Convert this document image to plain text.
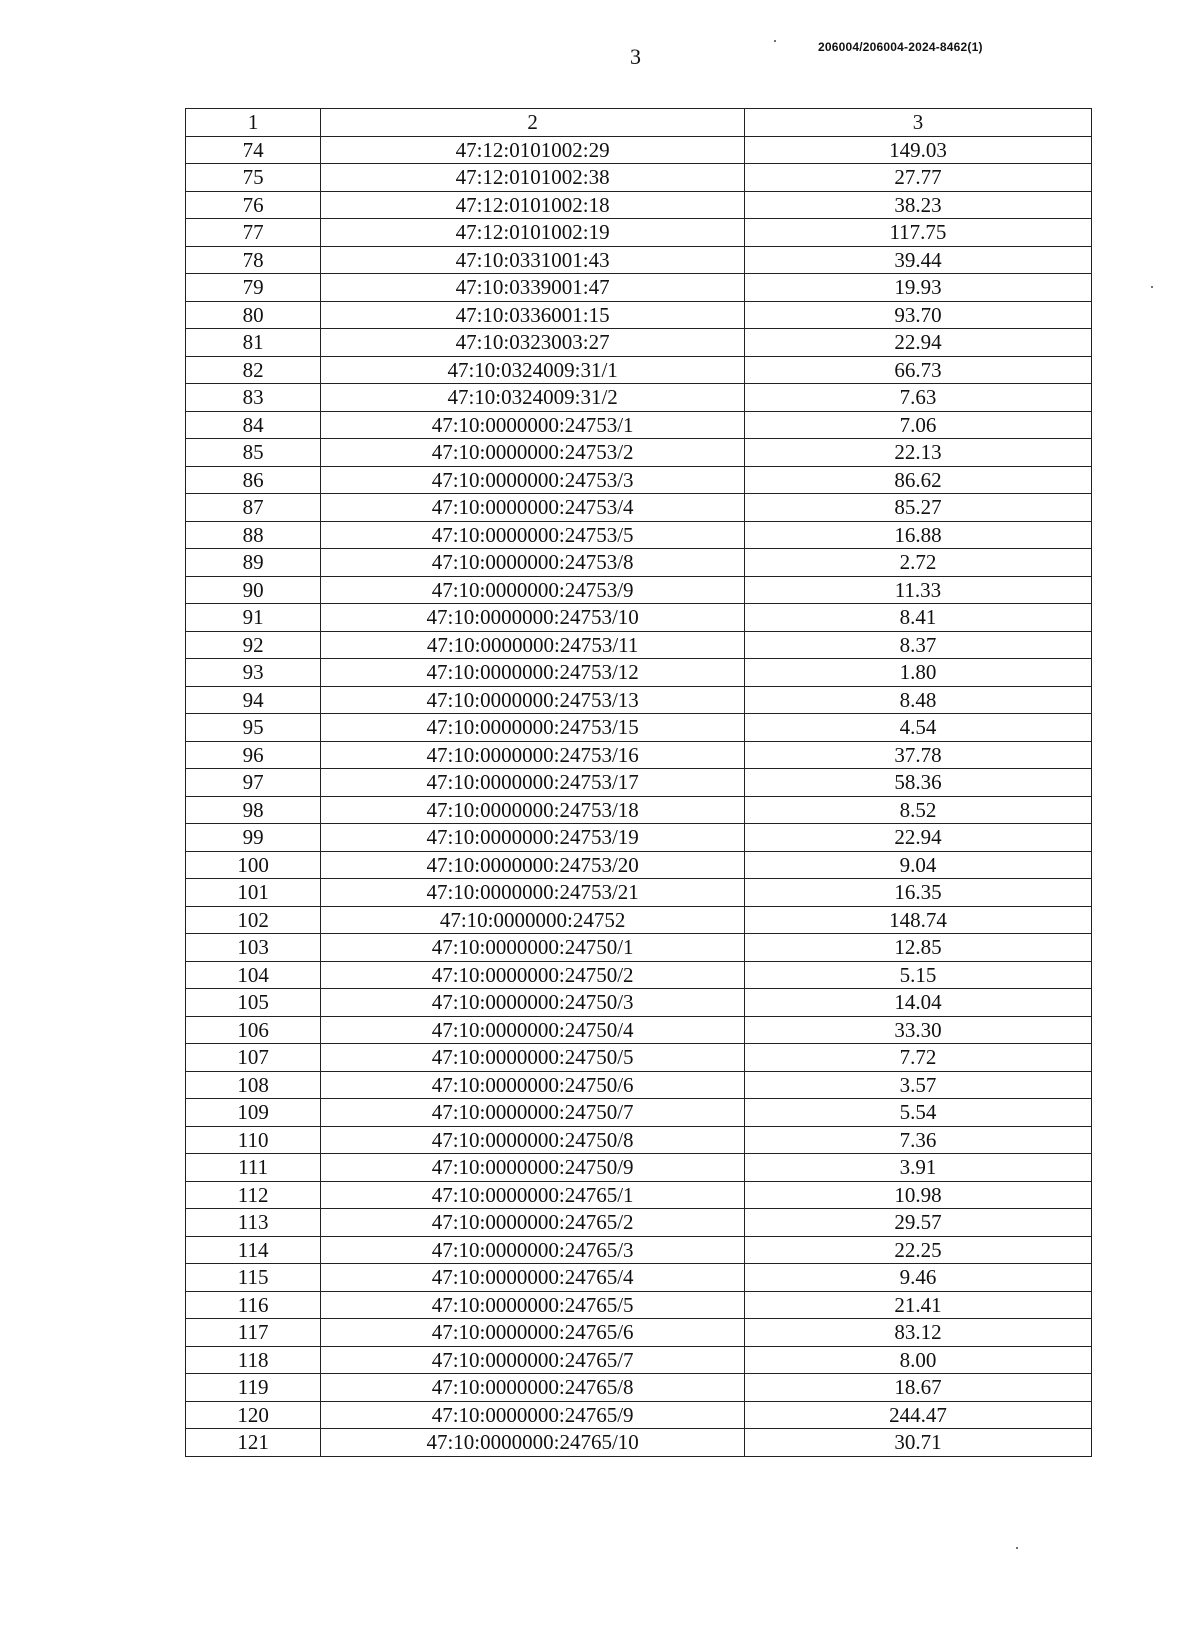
3	206004/206004-2024-8462(1)
1	2	3
74	47:12:0101002:29	149.03
75	47:12:0101002:38	27.77
76	47:12:0101002:18	38.23
77	47:12:0101002:19	117.75
78	47:10:0331001:43	39.44
79	47:10:0339001:47	19.93
80	47:10:0336001:15	93.70
81	47:10:0323003:27	22.94
82	47:10:0324009:31/1	66.73
83	47:10:0324009:31/2	7.63
84	47:10:0000000:24753/1	7.06
85	47:10:0000000:24753/2	22.13
86	47:10:0000000:24753/3	86.62
87	47:10:0000000:24753/4	85.27
88	47:10:0000000:24753/5	16.88
89	47:10:0000000:24753/8	2.72
90	47:10:0000000:24753/9	11.33
91	47:10:0000000:24753/10	8.41
92	47:10:0000000:24753/11	8.37
93	47:10:0000000:24753/12	1.80
94	47:10:0000000:24753/13	8.48
95	47:10:0000000:24753/15	4.54
96	47:10:0000000:24753/16	37.78
97	47:10:0000000:24753/17	58.36
98	47:10:0000000:24753/18	8.52
99	47:10:0000000:24753/19	22.94
100	47:10:0000000:24753/20	9.04
101	47:10:0000000:24753/21	16.35
102	47:10:0000000:24752	148.74
103	47:10:0000000:24750/1	12.85
104	47:10:0000000:24750/2	5.15
105	47:10:0000000:24750/3	14.04
106	47:10:0000000:24750/4	33.30
107	47:10:0000000:24750/5	7.72
108	47:10:0000000:24750/6	3.57
109	47:10:0000000:24750/7	5.54
110	47:10:0000000:24750/8	7.36
111	47:10:0000000:24750/9	3.91
112	47:10:0000000:24765/1	10.98
113	47:10:0000000:24765/2	29.57
114	47:10:0000000:24765/3	22.25
115	47:10:0000000:24765/4	9.46
116	47:10:0000000:24765/5	21.41
117	47:10:0000000:24765/6	83.12
118	47:10:0000000:24765/7	8.00
119	47:10:0000000:24765/8	18.67
120	47:10:0000000:24765/9	244.47
121	47:10:0000000:24765/10	30.71
